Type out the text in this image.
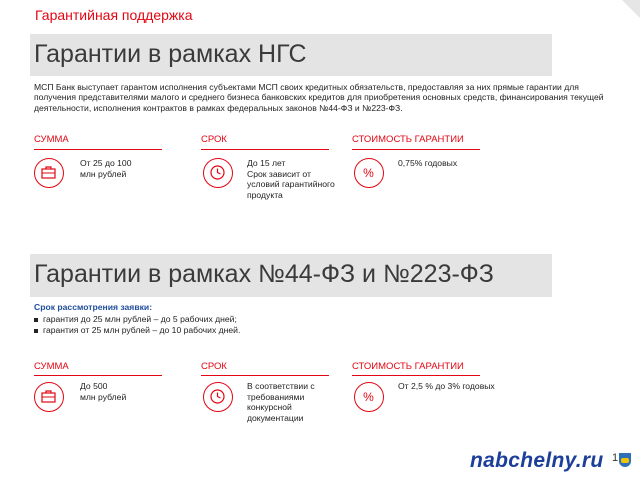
Гарантийная поддержка
Гарантии в рамках НГС
МСП Банк выступает гарантом исполнения субъектами МСП своих кредитных обязательств, предоставляя за них прямые гарантии для получения представителями малого и среднего бизнеса банковских кредитов для приобретения основных средств, финансирования текущей деятельности, исполнения контрактов в рамках федеральных законов №44-ФЗ и №223-ФЗ.
СУММА
От 25 до 100
млн рублей
СРОК
До 15 лет
Срок зависит от
условий гарантийного
продукта
СТОИМОСТЬ ГАРАНТИИ
%
0,75% годовых
Гарантии в рамках №44-ФЗ и №223-ФЗ
Срок рассмотрения заявки:
гарантия до 25 млн рублей – до 5 рабочих дней;
гарантия от 25 млн рублей – до 10 рабочих дней.
СУММА
До 500
млн рублей
СРОК
В соответствии с
требованиями
конкурсной
документации
СТОИМОСТЬ ГАРАНТИИ
%
От 2,5 % до 3% годовых
nabchelny.ru 1
